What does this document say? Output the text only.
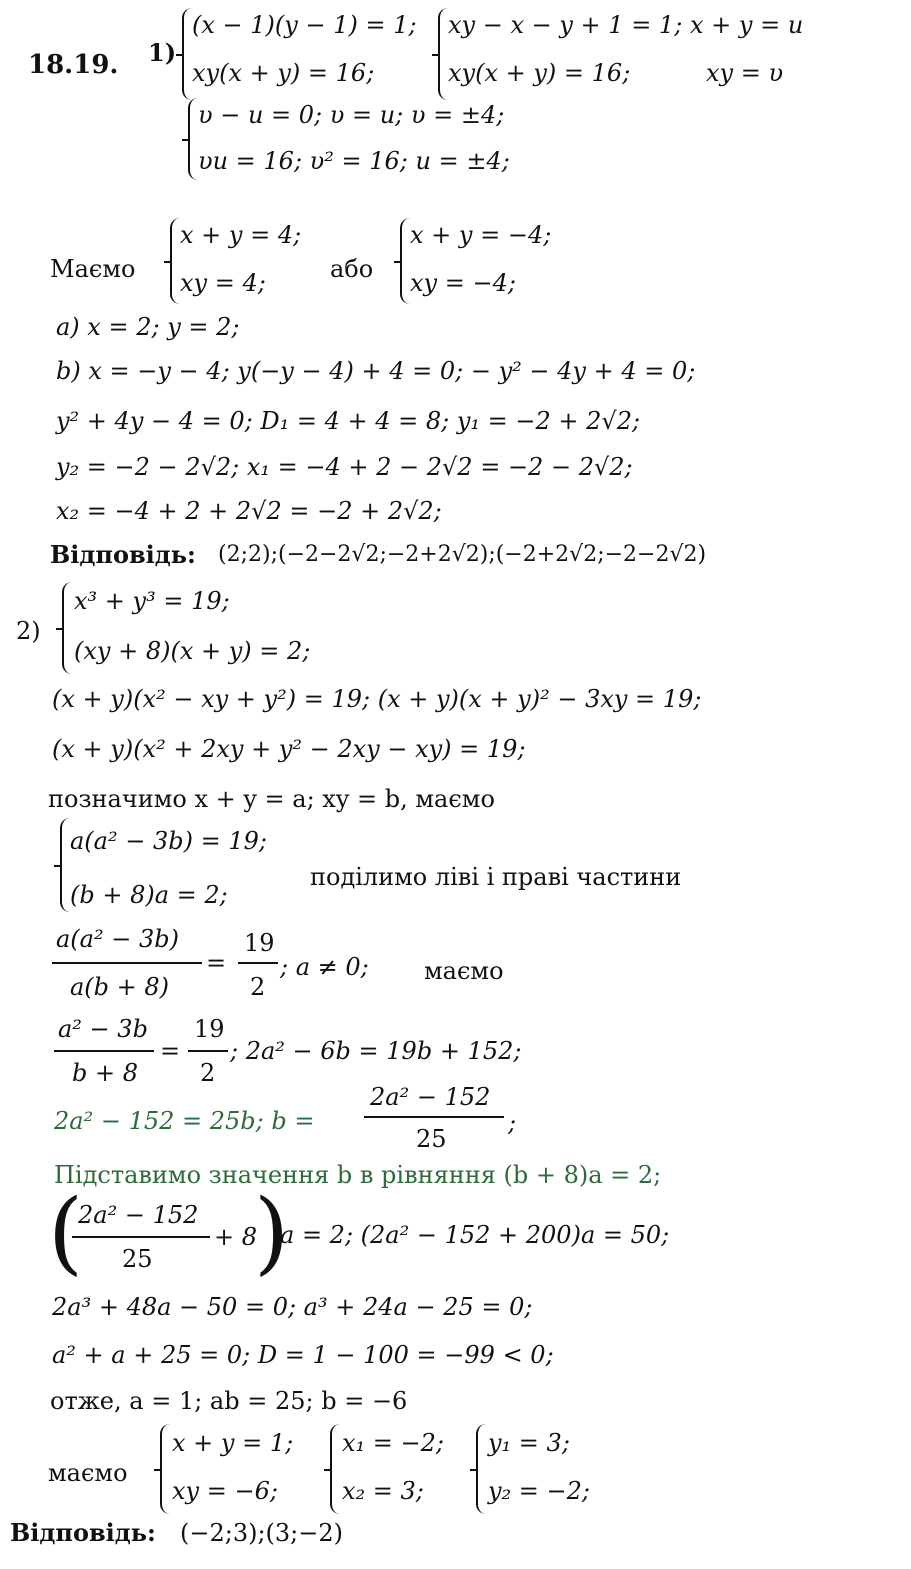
18.19. 1)
(x − 1)(y − 1) = 1;
xy(x + y) = 16;
xy − x − y + 1 = 1;
xy(x + y) = 16;
x + y = u
xy = υ
υ − u = 0; υ = u; υ = ±4;
υu = 16; υ² = 16; u = ±4;
Маємо
x + y = 4;
xy = 4;	або
x + y = −4;
xy = −4;
a) x = 2; y = 2;
b) x = −y − 4; y(−y − 4) + 4 = 0; − y² − 4y + 4 = 0;
y² + 4y − 4 = 0; D₁ = 4 + 4 = 8; y₁ = −2 + 2√2;
y₂ = −2 − 2√2; x₁ = −4 + 2 − 2√2 = −2 − 2√2;
x₂ = −4 + 2 + 2√2 = −2 + 2√2;
Відповідь: (2;2);(−2−2√2;−2+2√2);(−2+2√2;−2−2√2)
2)
x³ + y³ = 19;
(xy + 8)(x + y) = 2;
(x + y)(x² − xy + y²) = 19; (x + y)(x + y)² − 3xy = 19;
(x + y)(x² + 2xy + y² − 2xy − xy) = 19;
позначимо x + y = a; xy = b, маємо
a(a² − 3b) = 19;
(b + 8)a = 2;
поділимо ліві і праві частини
a(a² − 3b)
a(b + 8)
=
19
2
; a ≠ 0; маємо
a² − 3b
b + 8
=
19
2
; 2a² − 6b = 19b + 152;
2a² − 152 = 25b; b =
2a² − 152
25
;
Підставимо значення b в рівняння (b + 8)a = 2;
(
2a² − 152
25
+ 8
)
a = 2; (2a² − 152 + 200)a = 50;
2a³ + 48a − 50 = 0; a³ + 24a − 25 = 0;
a² + a + 25 = 0; D = 1 − 100 = −99 < 0;
отже, a = 1; ab = 25; b = −6
маємо
x + y = 1;
xy = −6;
x₁ = −2;
x₂ = 3;
y₁ = 3;
y₂ = −2;
Відповідь: (−2;3);(3;−2)
